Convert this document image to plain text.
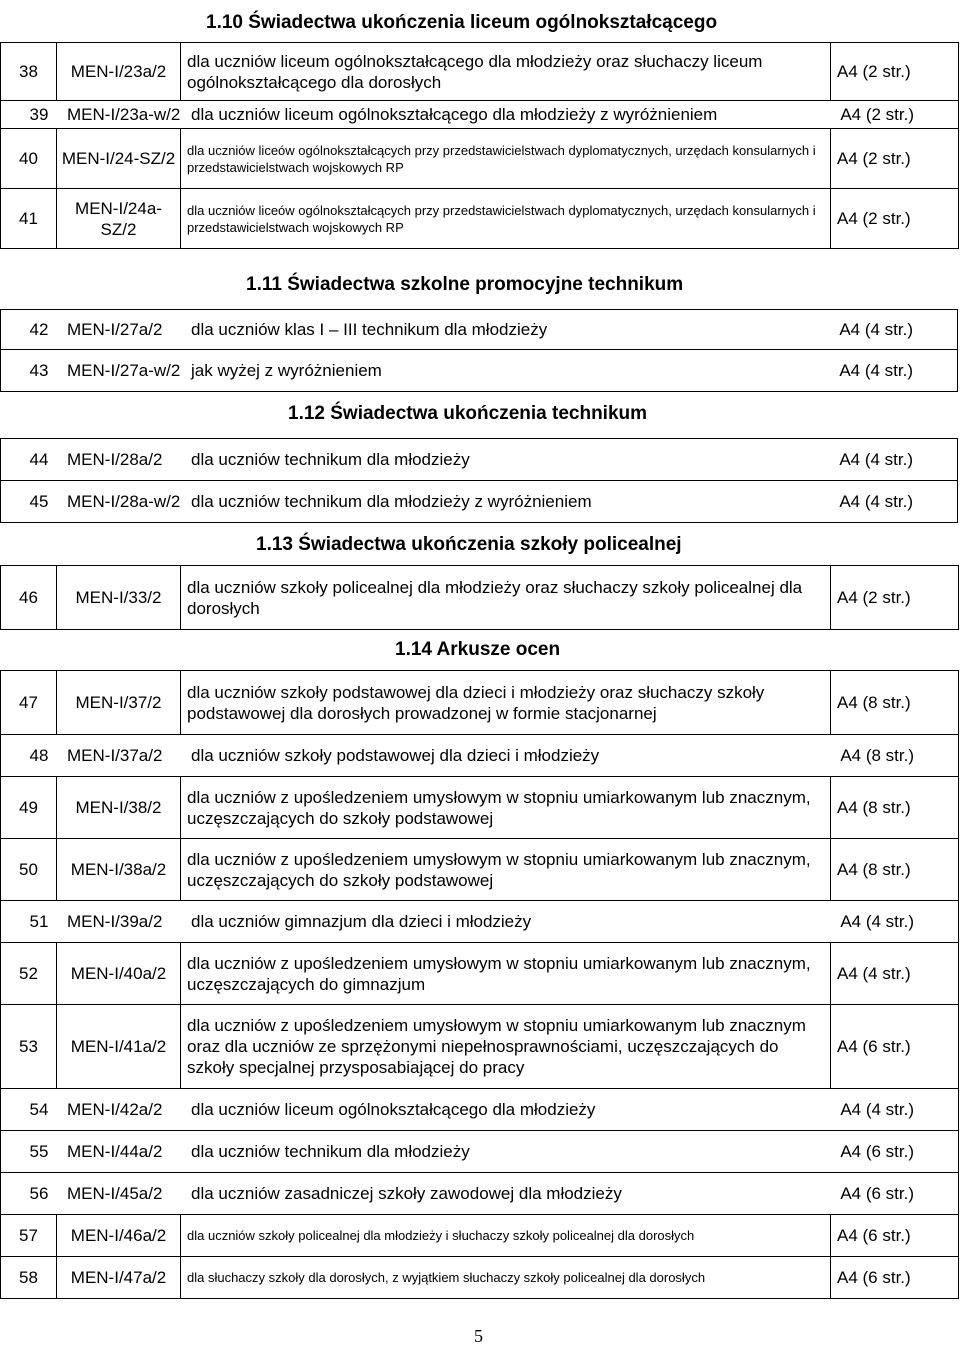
1.10 Świadectwa ukończenia liceum ogólnokształcącego
38	MEN-I/23a/2	dla uczniów liceum ogólnokształcącego dla młodzieży oraz słuchaczy liceum ogólnokształcącego dla dorosłych	A4 (2 str.)
39 MEN-I/23a-w/2 dla uczniów liceum ogólnokształcącego dla młodzieży z wyróżnieniem A4 (2 str.)			

40	MEN-I/24-SZ/2	dla uczniów liceów ogólnokształcących przy przedstawicielstwach dyplomatycznych, urzędach konsularnych i przedstawicielstwach wojskowych RP	A4 (2 str.)
41	MEN-I/24a-SZ/2	dla uczniów liceów ogólnokształcących przy przedstawicielstwach dyplomatycznych, urzędach konsularnych i przedstawicielstwach wojskowych RP	A4 (2 str.)
1.11 Świadectwa szkolne promocyjne technikum
42 MEN-I/27a/2 dla uczniów klas I – III technikum dla młodzieży	A4 (4 str.)

43 MEN-I/27a-w/2 jak wyżej z wyróżnieniem	A4 (4 str.)
1.12 Świadectwa ukończenia technikum
44 MEN-I/28a/2 dla uczniów technikum dla młodzieży	A4 (4 str.)

45 MEN-I/28a-w/2 dla uczniów technikum dla młodzieży z wyróżnieniem	A4 (4 str.)
1.13 Świadectwa ukończenia szkoły policealnej
46	MEN-I/33/2	dla uczniów szkoły policealnej dla młodzieży oraz słuchaczy szkoły policealnej dla dorosłych	A4 (2 str.)
1.14 Arkusze ocen
47	MEN-I/37/2	dla uczniów szkoły podstawowej dla dzieci i młodzieży oraz słuchaczy szkoły podstawowej dla dorosłych prowadzonej w formie stacjonarnej	A4 (8 str.)
48 MEN-I/37a/2 dla uczniów szkoły podstawowej dla dzieci i młodzieży A4 (8 str.)			

49	MEN-I/38/2	dla uczniów z upośledzeniem umysłowym w stopniu umiarkowanym lub znacznym, uczęszczających do szkoły podstawowej	A4 (8 str.)
50	MEN-I/38a/2	dla uczniów z upośledzeniem umysłowym w stopniu umiarkowanym lub znacznym, uczęszczających do szkoły podstawowej	A4 (8 str.)
51 MEN-I/39a/2 dla uczniów gimnazjum dla dzieci i młodzieży A4 (4 str.)			

52	MEN-I/40a/2	dla uczniów z upośledzeniem umysłowym w stopniu umiarkowanym lub znacznym, uczęszczających do gimnazjum	A4 (4 str.)
53	MEN-I/41a/2	dla uczniów z upośledzeniem umysłowym w stopniu umiarkowanym lub znacznym oraz dla uczniów ze sprzężonymi niepełnosprawnościami, uczęszczających do szkoły specjalnej przysposabiającej do pracy	A4 (6 str.)
54 MEN-I/42a/2 dla uczniów liceum ogólnokształcącego dla młodzieży A4 (4 str.)			

55 MEN-I/44a/2 dla uczniów technikum dla młodzieży A4 (6 str.)			

56 MEN-I/45a/2 dla uczniów zasadniczej szkoły zawodowej dla młodzieży A4 (6 str.)			

57	MEN-I/46a/2	dla uczniów szkoły policealnej dla młodzieży i słuchaczy szkoły policealnej dla dorosłych	A4 (6 str.)
58	MEN-I/47a/2	dla słuchaczy szkoły dla dorosłych, z wyjątkiem słuchaczy szkoły policealnej dla dorosłych	A4 (6 str.)
5
